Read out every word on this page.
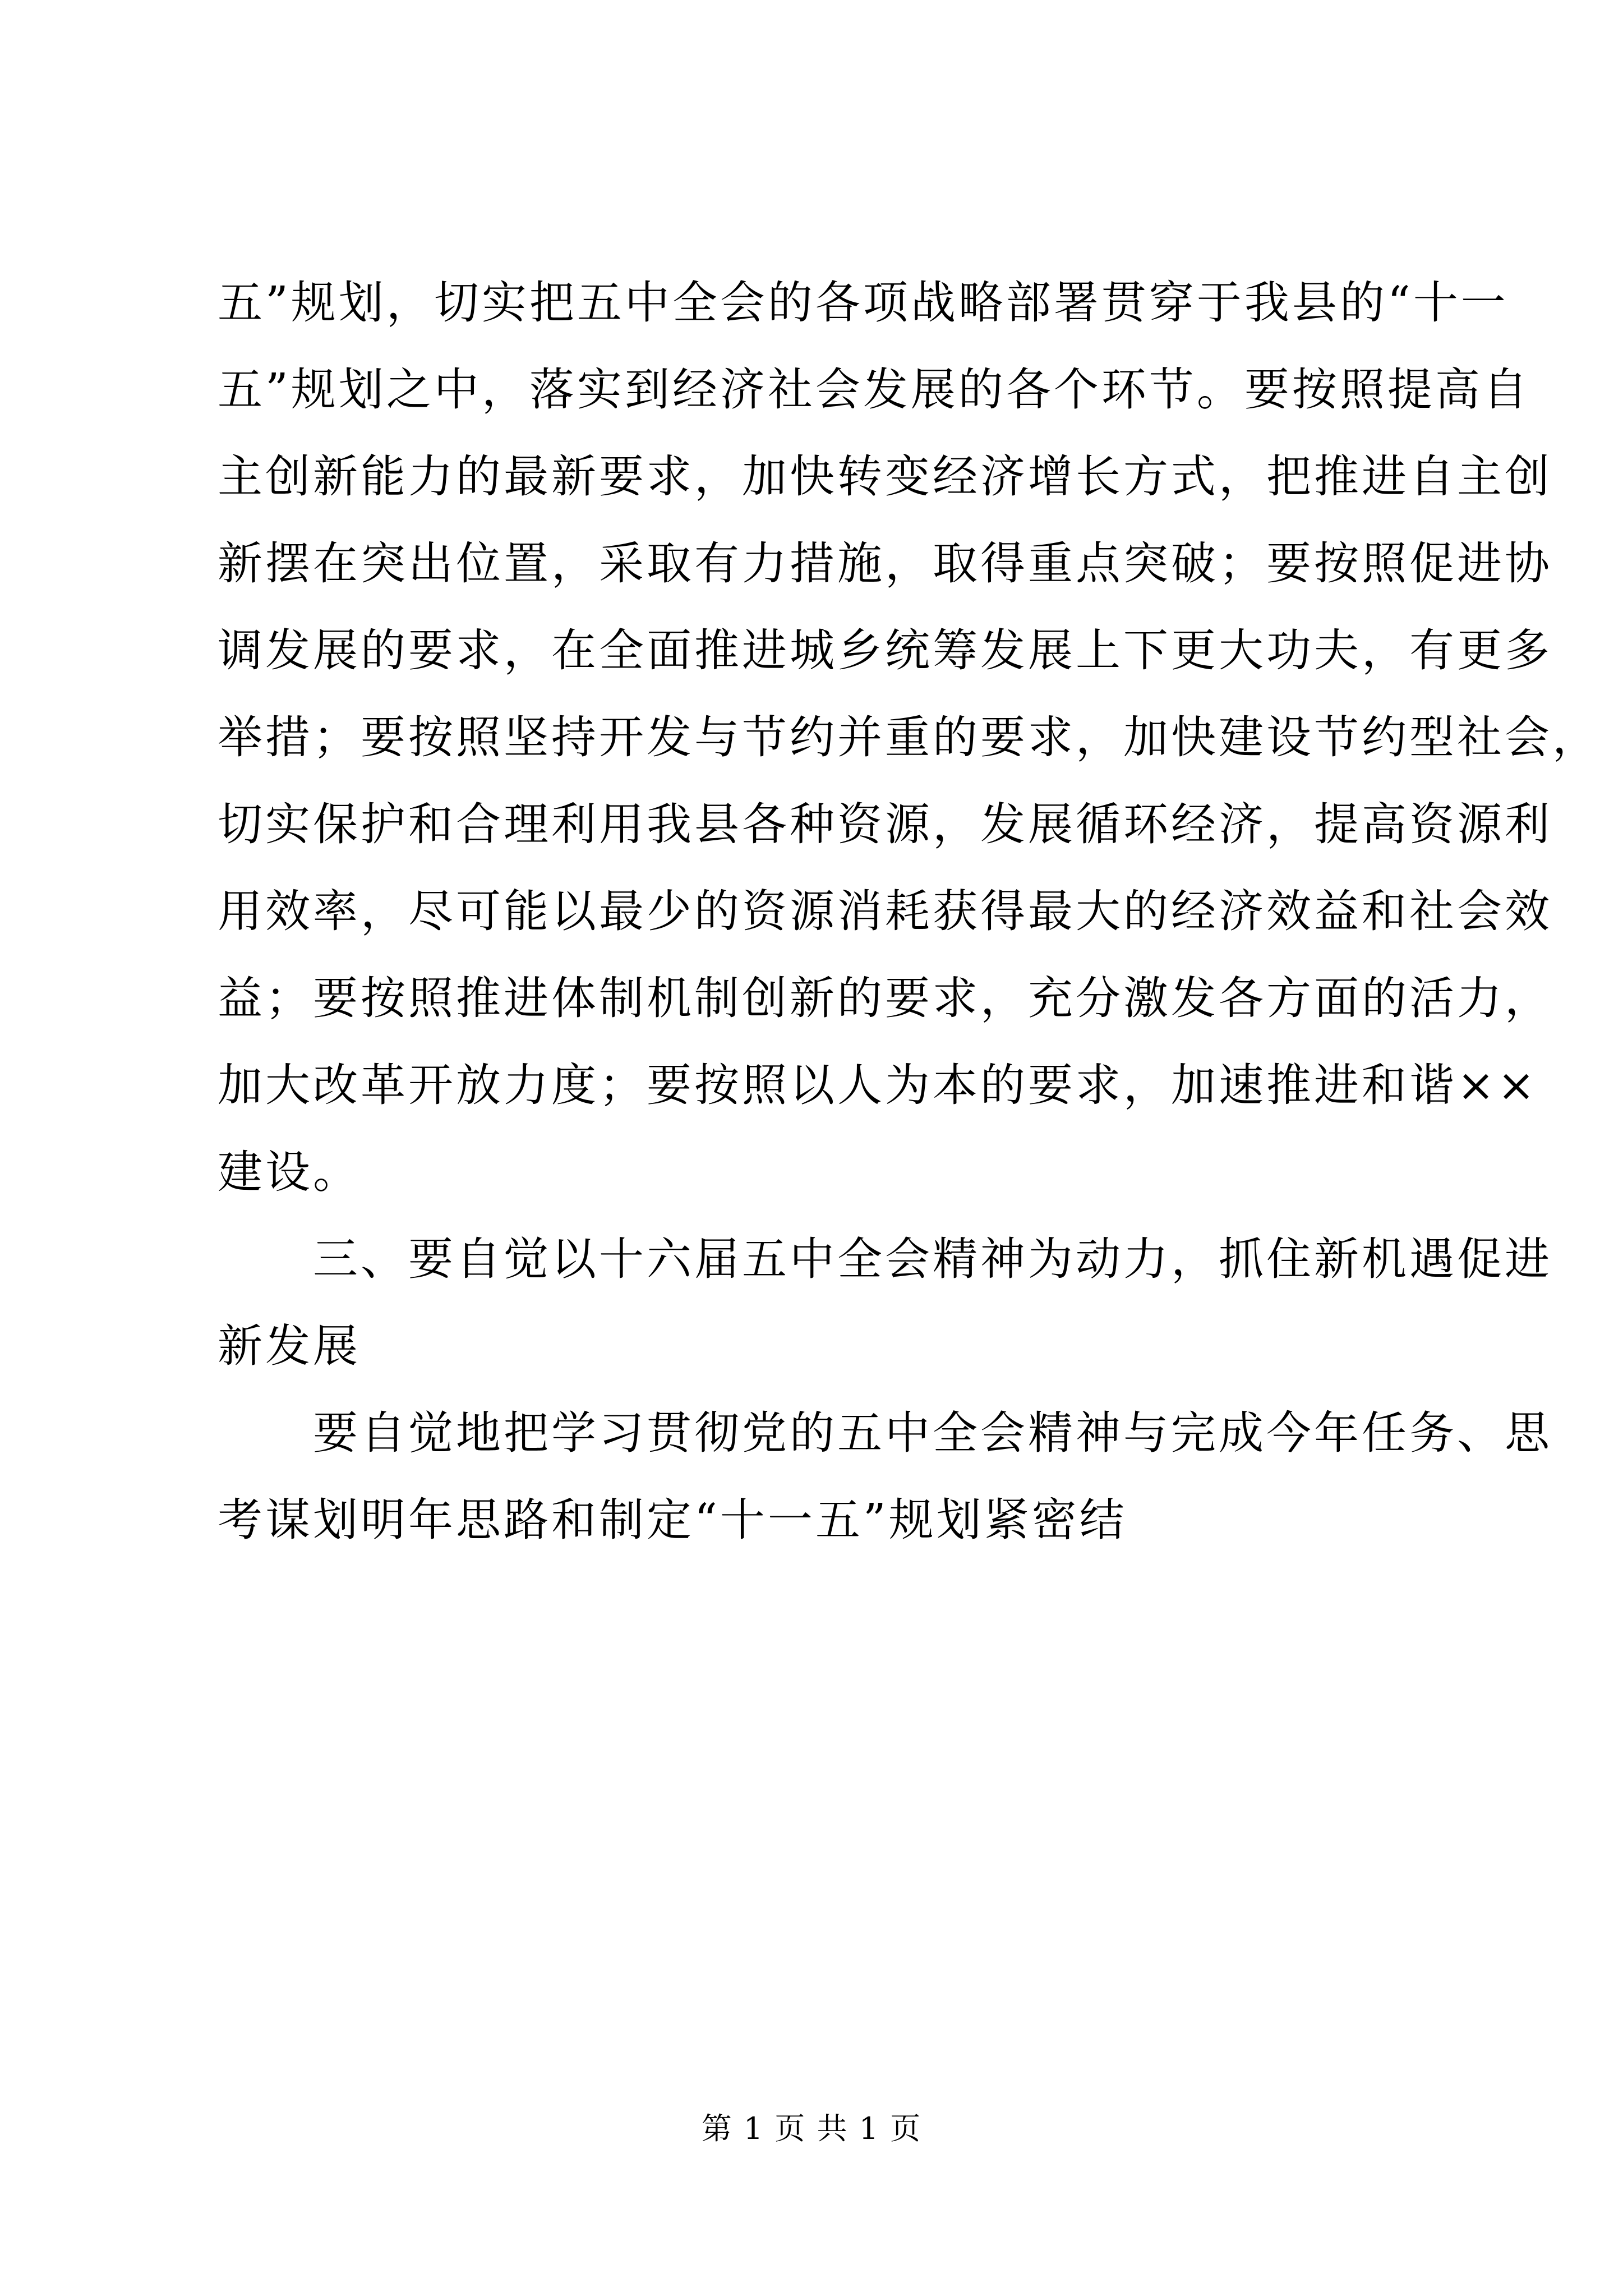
五”规划，切实把五中全会的各项战略部署贯穿于我县的“十一
五”规划之中，落实到经济社会发展的各个环节。要按照提高自
主创新能力的最新要求，加快转变经济增长方式，把推进自主创
新摆在突出位置，采取有力措施，取得重点突破；要按照促进协
调发展的要求，在全面推进城乡统筹发展上下更大功夫，有更多
举措；要按照坚持开发与节约并重的要求，加快建设节约型社会，
切实保护和合理利用我县各种资源，发展循环经济，提高资源利
用效率，尽可能以最少的资源消耗获得最大的经济效益和社会效
益；要按照推进体制机制创新的要求，充分激发各方面的活力，
加大改革开放力度；要按照以人为本的要求，加速推进和谐××
建设。
三、要自觉以十六届五中全会精神为动力，抓住新机遇促进
新发展
要自觉地把学习贯彻党的五中全会精神与完成今年任务、思
考谋划明年思路和制定“十一五”规划紧密结
第 1 页 共 1 页
